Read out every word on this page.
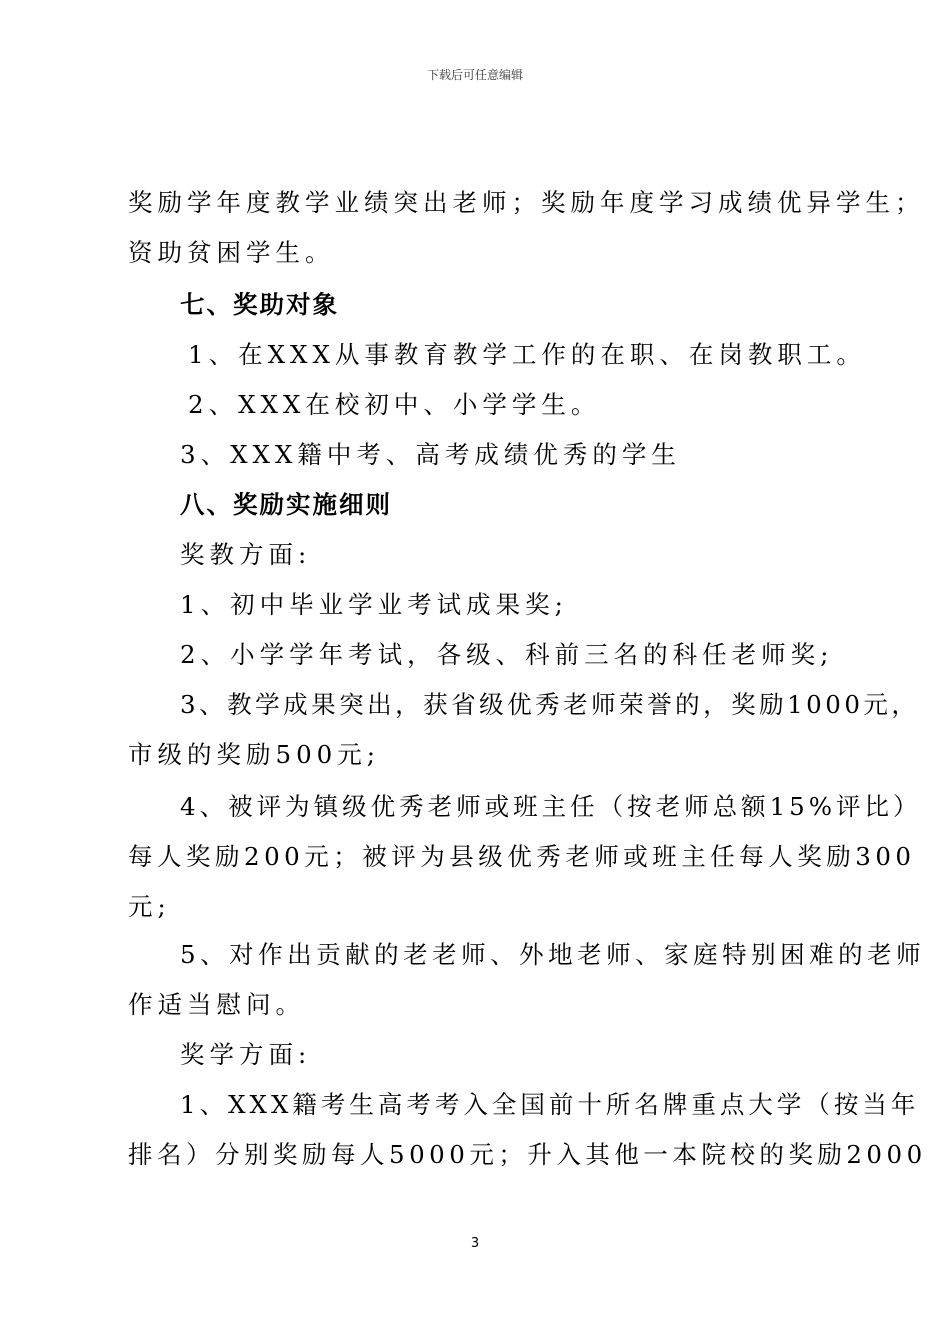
下载后可任意编辑
奖励学年度教学业绩突出老师；奖励年度学习成绩优异学生；
资助贫困学生。
七、奖助对象
1、在XXX从事教育教学工作的在职、在岗教职工。
2、XXX在校初中、小学学生。
3、XXX籍中考、高考成绩优秀的学生
八、奖励实施细则
奖教方面:
1、初中毕业学业考试成果奖;
2、小学学年考试，各级、科前三名的科任老师奖;
3、教学成果突出，获省级优秀老师荣誉的，奖励1000元，
市级的奖励500元;
4、被评为镇级优秀老师或班主任（按老师总额15%评比）
每人奖励200元；被评为县级优秀老师或班主任每人奖励300
元;
5、对作出贡献的老老师、外地老师、家庭特别困难的老师
作适当慰问。
奖学方面:
1、XXX籍考生高考考入全国前十所名牌重点大学（按当年
排名）分别奖励每人5000元；升入其他一本院校的奖励2000
3
